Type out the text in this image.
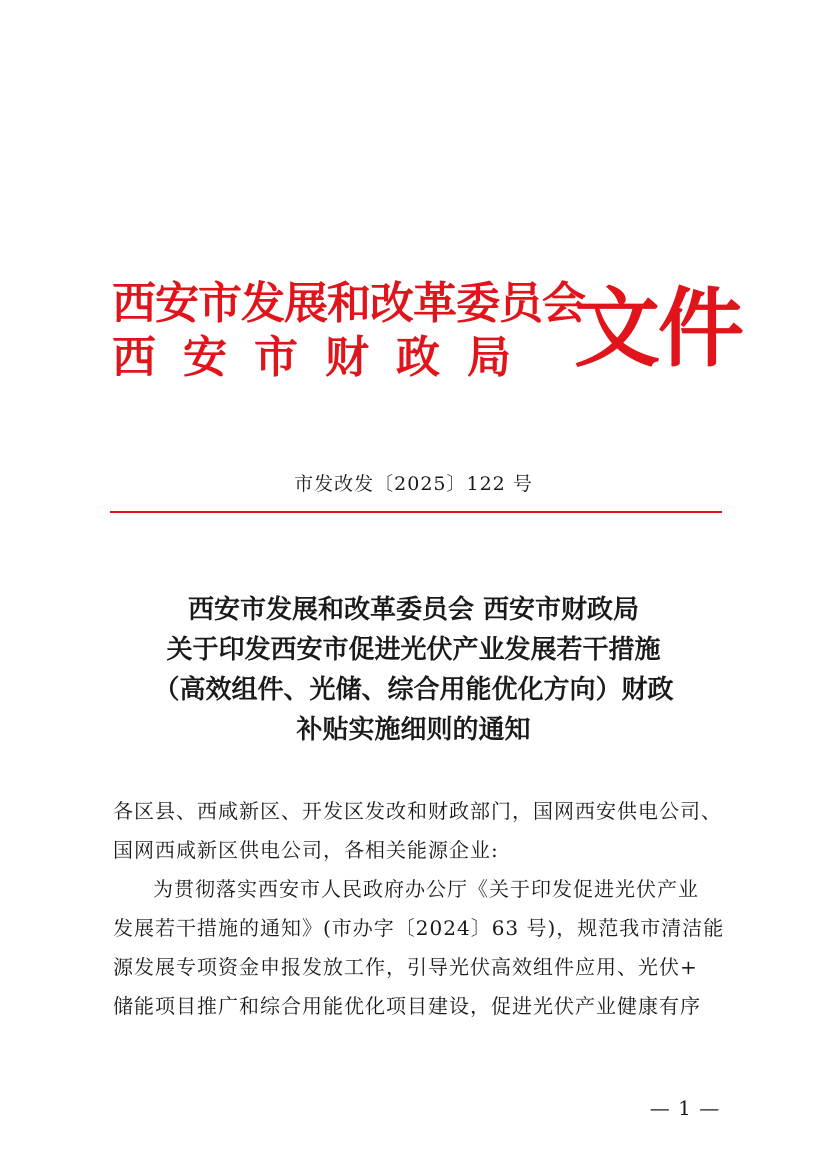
西安市发展和改革委员会
西安市财政局 文件
市发改发〔2025〕122 号
西安市发展和改革委员会 西安市财政局
关于印发西安市促进光伏产业发展若干措施
（高效组件、光储、综合用能优化方向）财政
补贴实施细则的通知
各区县、西咸新区、开发区发改和财政部门，国网西安供电公司、
国网西咸新区供电公司，各相关能源企业:
为贯彻落实西安市人民政府办公厅《关于印发促进光伏产业
发展若干措施的通知》(市办字〔2024〕63 号)，规范我市清洁能
源发展专项资金申报发放工作，引导光伏高效组件应用、光伏+
储能项目推广和综合用能优化项目建设，促进光伏产业健康有序
— 1 —
